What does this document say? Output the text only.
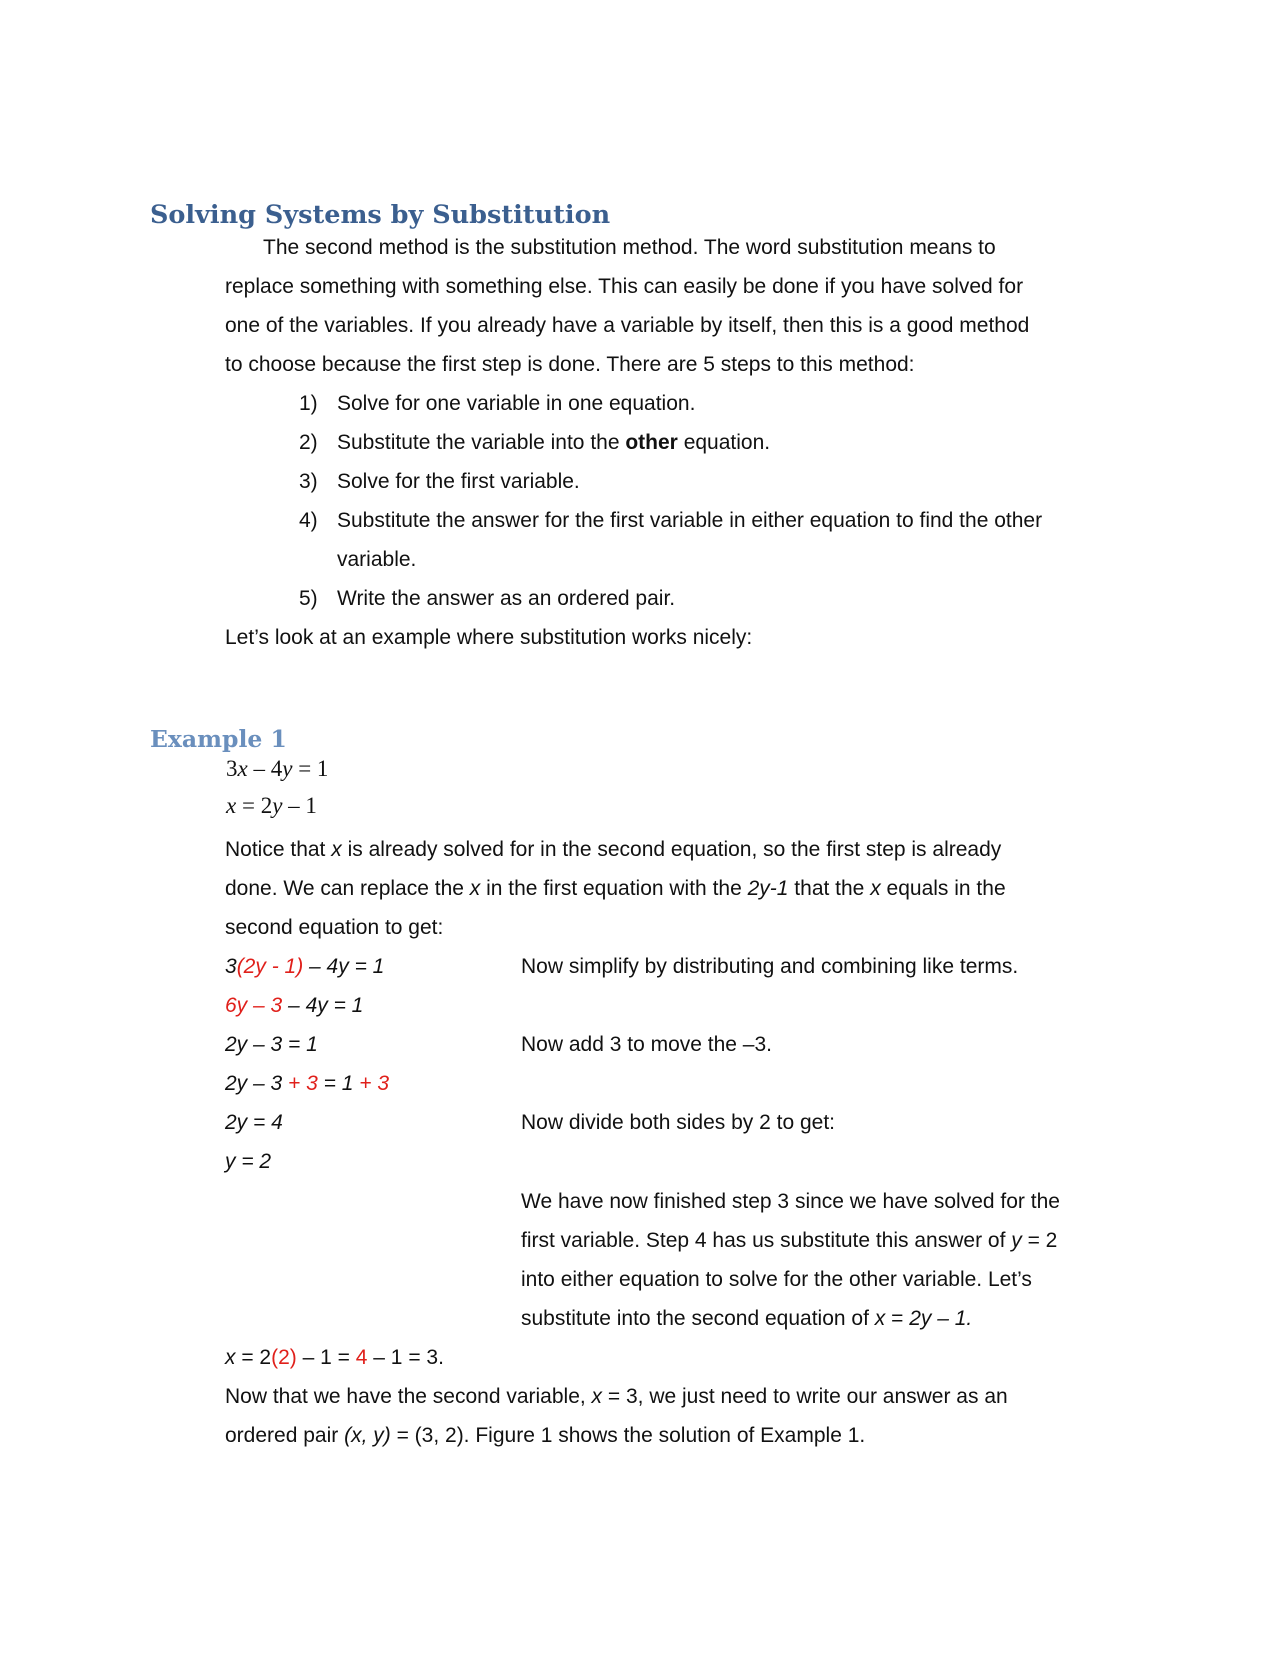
Solving Systems by Substitution
The second method is the substitution method. The word substitution means to
replace something with something else. This can easily be done if you have solved for
one of the variables. If you already have a variable by itself, then this is a good method
to choose because the first step is done. There are 5 steps to this method:
1) Solve for one variable in one equation.
2) Substitute the variable into the other equation.
3) Solve for the first variable.
4) Substitute the answer for the first variable in either equation to find the other
variable.
5) Write the answer as an ordered pair.
Let’s look at an example where substitution works nicely:
Example 1
3x – 4y = 1
x = 2y – 1
Notice that x is already solved for in the second equation, so the first step is already
done. We can replace the x in the first equation with the 2y-1 that the x equals in the
second equation to get:
3(2y - 1) – 4y = 1
6y – 3 – 4y = 1
2y – 3 = 1
2y – 3 + 3 = 1 + 3
2y = 4
y = 2
Now simplify by distributing and combining like terms.
Now add 3 to move the –3.
Now divide both sides by 2 to get:
We have now finished step 3 since we have solved for the
first variable. Step 4 has us substitute this answer of y = 2
into either equation to solve for the other variable. Let’s
substitute into the second equation of x = 2y – 1.
x = 2(2) – 1 = 4 – 1 = 3.
Now that we have the second variable, x = 3, we just need to write our answer as an
ordered pair (x, y) = (3, 2). Figure 1 shows the solution of Example 1.
